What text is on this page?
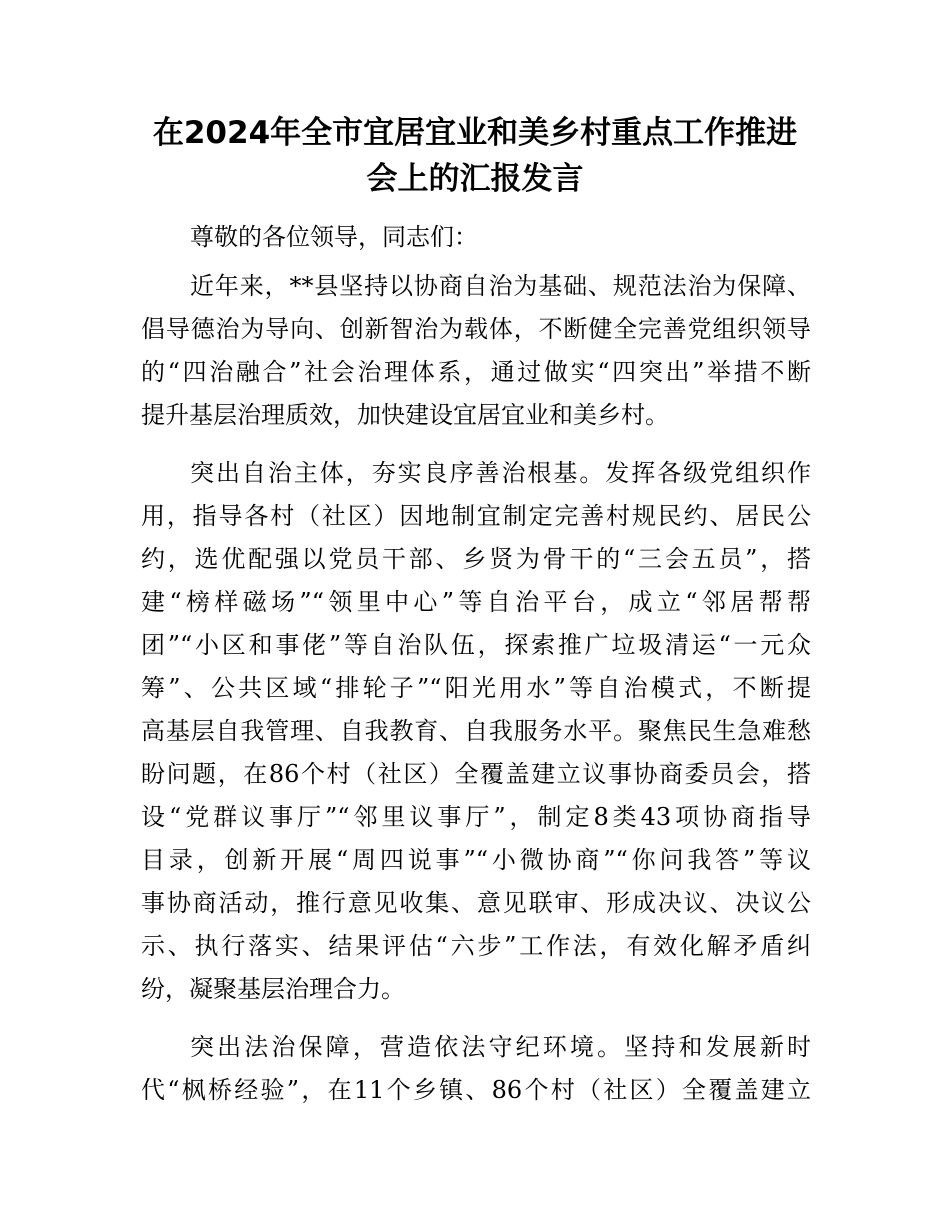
在2024年全市宜居宜业和美乡村重点工作推进
会上的汇报发言
尊敬的各位领导，同志们：
近年来，**县坚持以协商自治为基础、规范法治为保障、
倡导德治为导向、创新智治为载体，不断健全完善党组织领导
的“四治融合”社会治理体系，通过做实“四突出”举措不断
提升基层治理质效，加快建设宜居宜业和美乡村。
突出自治主体，夯实良序善治根基。发挥各级党组织作
用，指导各村（社区）因地制宜制定完善村规民约、居民公
约，选优配强以党员干部、乡贤为骨干的“三会五员”，搭
建“榜样磁场”“领里中心”等自治平台，成立“邻居帮帮
团”“小区和事佬”等自治队伍，探索推广垃圾清运“一元众
筹”、公共区域“排轮子”“阳光用水”等自治模式，不断提
高基层自我管理、自我教育、自我服务水平。聚焦民生急难愁
盼问题，在86个村（社区）全覆盖建立议事协商委员会，搭
设“党群议事厅”“邻里议事厅”，制定8类43项协商指导
目录，创新开展“周四说事”“小微协商”“你问我答”等议
事协商活动，推行意见收集、意见联审、形成决议、决议公
示、执行落实、结果评估“六步”工作法，有效化解矛盾纠
纷，凝聚基层治理合力。
突出法治保障，营造依法守纪环境。坚持和发展新时
代“枫桥经验”，在11个乡镇、86个村（社区）全覆盖建立
